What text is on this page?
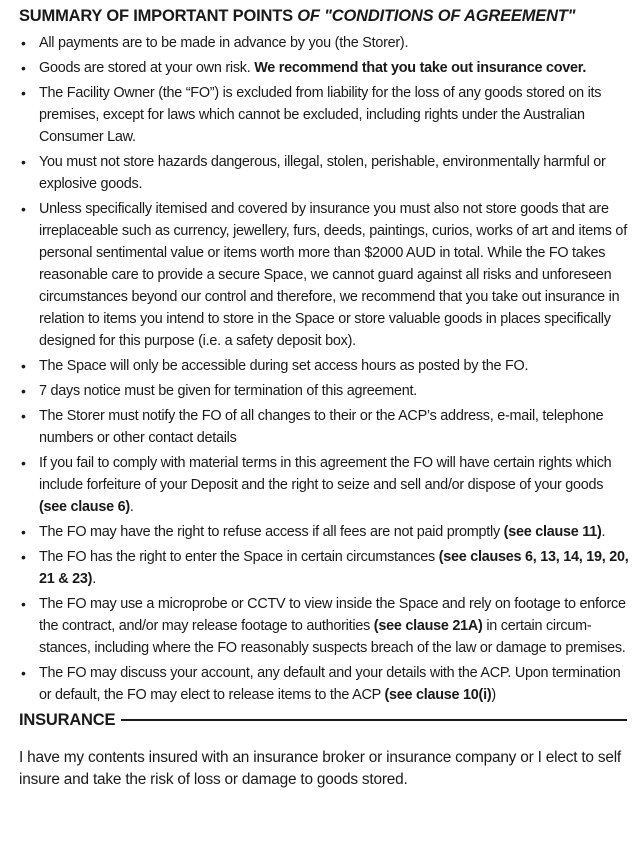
SUMMARY OF IMPORTANT POINTS OF "CONDITIONS OF AGREEMENT"
• All payments are to be made in advance by you (the Storer).
• Goods are stored at your own risk. We recommend that you take out insurance cover.
• The Facility Owner (the “FO”) is excluded from liability for the loss of any goods stored on its premises, except for laws which cannot be excluded, including rights under the Australian Consumer Law.
• You must not store hazards dangerous, illegal, stolen, perishable, environmentally harmful or explosive goods.
• Unless specifically itemised and covered by insurance you must also not store goods that are irreplaceable such as currency, jewellery, furs, deeds, paintings, curios, works of art and items of personal sentimental value or items worth more than $2000 AUD in total. While the FO takes reasonable care to provide a secure Space, we cannot guard against all risks and unforeseen circumstances beyond our control and therefore, we recommend that you take out insurance in relation to items you intend to store in the Space or store valuable goods in places specifically designed for this purpose (i.e. a safety deposit box).
• The Space will only be accessible during set access hours as posted by the FO.
• 7 days notice must be given for termination of this agreement.
• The Storer must notify the FO of all changes to their or the ACP’s address, e-mail, telephone numbers or other contact details
• If you fail to comply with material terms in this agreement the FO will have certain rights which include forfeiture of your Deposit and the right to seize and sell and/or dispose of your goods (see clause 6).
• The FO may have the right to refuse access if all fees are not paid promptly (see clause 11).
• The FO has the right to enter the Space in certain circumstances (see clauses 6, 13, 14, 19, 20, 21 & 23).
• The FO may use a microprobe or CCTV to view inside the Space and rely on footage to enforce the contract, and/or may release footage to authorities (see clause 21A) in certain circum-stances, including where the FO reasonably suspects breach of the law or damage to premises.
• The FO may discuss your account, any default and your details with the ACP. Upon termination or default, the FO may elect to release items to the ACP (see clause 10(i))
INSURANCE
I have my contents insured with an insurance broker or insurance company or I elect to self insure and take the risk of loss or damage to goods stored.
